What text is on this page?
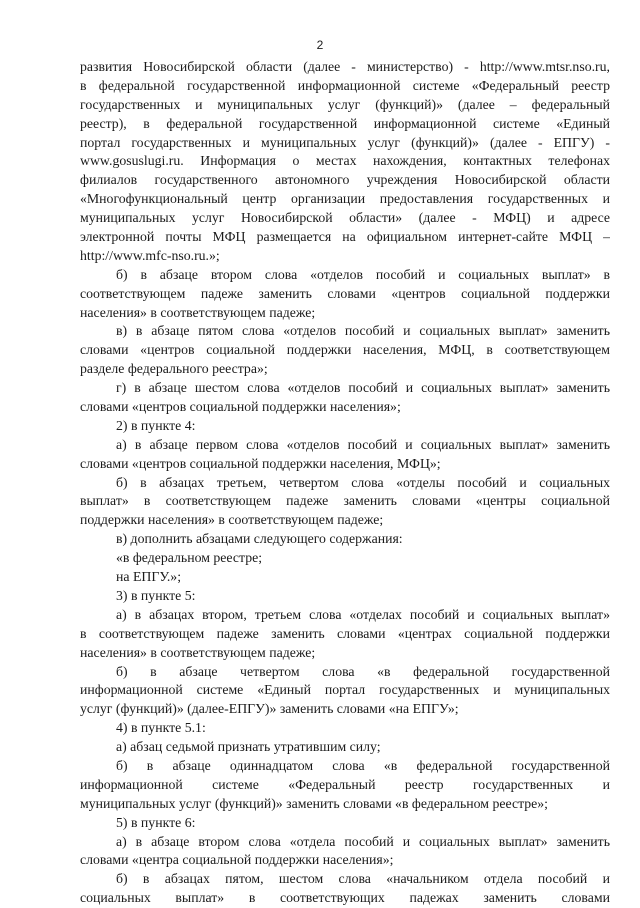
2
развития Новосибирской области (далее - министерство) - http://www.mtsr.nso.ru,
в федеральной государственной информационной системе «Федеральный реестр
государственных и муниципальных услуг (функций)» (далее – федеральный
реестр), в федеральной государственной информационной системе «Единый
портал государственных и муниципальных услуг (функций)» (далее - ЕПГУ) -
www.gosuslugi.ru. Информация о местах нахождения, контактных телефонах
филиалов государственного автономного учреждения Новосибирской области
«Многофункциональный центр организации предоставления государственных и
муниципальных услуг Новосибирской области» (далее - МФЦ) и адресе
электронной почты МФЦ размещается на официальном интернет-сайте МФЦ –
http://www.mfc-nso.ru.»;
б) в абзаце втором слова «отделов пособий и социальных выплат» в
соответствующем падеже заменить словами «центров социальной поддержки
населения» в соответствующем падеже;
в) в абзаце пятом слова «отделов пособий и социальных выплат» заменить
словами «центров социальной поддержки населения, МФЦ, в соответствующем
разделе федерального реестра»;
г) в абзаце шестом слова «отделов пособий и социальных выплат» заменить
словами «центров социальной поддержки населения»;
2) в пункте 4:
а) в абзаце первом слова «отделов пособий и социальных выплат» заменить
словами «центров социальной поддержки населения, МФЦ»;
б) в абзацах третьем, четвертом слова «отделы пособий и социальных
выплат» в соответствующем падеже заменить словами «центры социальной
поддержки населения» в соответствующем падеже;
в) дополнить абзацами следующего содержания:
«в федеральном реестре;
на ЕПГУ.»;
3) в пункте 5:
а) в абзацах втором, третьем слова «отделах пособий и социальных выплат»
в соответствующем падеже заменить словами «центрах социальной поддержки
населения» в соответствующем падеже;
б) в абзаце четвертом слова «в федеральной государственной
информационной системе «Единый портал государственных и муниципальных
услуг (функций)» (далее-ЕПГУ)» заменить словами «на ЕПГУ»;
4) в пункте 5.1:
а) абзац седьмой признать утратившим силу;
б) в абзаце одиннадцатом слова «в федеральной государственной
информационной системе «Федеральный реестр государственных и
муниципальных услуг (функций)» заменить словами «в федеральном реестре»;
5) в пункте 6:
а) в абзаце втором слова «отдела пособий и социальных выплат» заменить
словами «центра социальной поддержки населения»;
б) в абзацах пятом, шестом слова «начальником отдела пособий и
социальных выплат» в соответствующих падежах заменить словами
